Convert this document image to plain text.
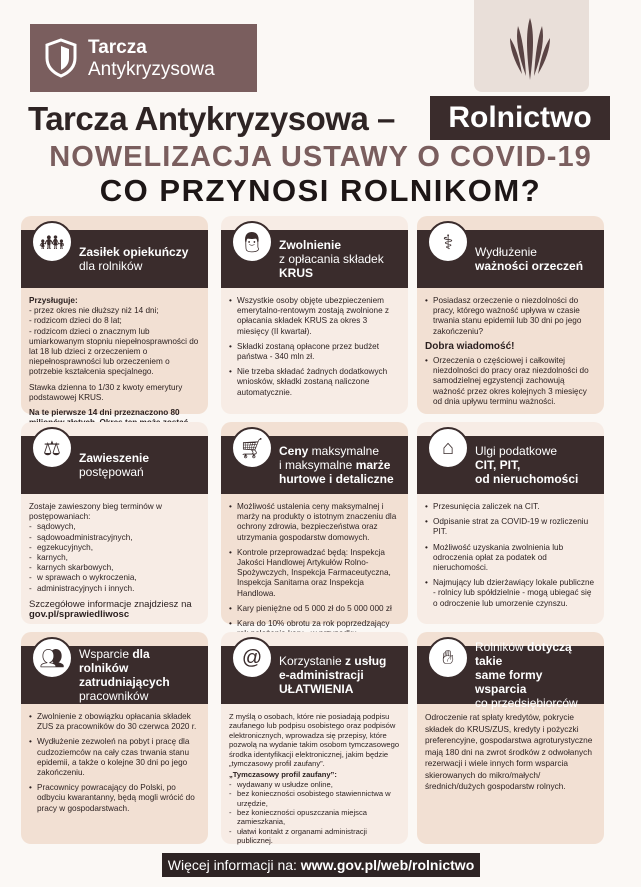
Tarcza
Antykryzysowa
Tarcza Antykryzysowa –	Rolnictwo
NOWELIZACJA USTAWY O COVID-19
CO PRZYNOSI ROLNIKOM?
👪︎	Zasiłek opiekuńczy
dla rolników

Przysługuje:

- przez okres nie dłuższy niż 14 dni;

- rodzicom dzieci do 8 lat;

- rodzicom dzieci o znacznym lub umiarkowanym stopniu niepełnosprawności do lat 18 lub dzieci z orzeczeniem o niepełnosprawności lub orzeczeniem o potrzebie kształcenia specjalnego.

Stawka dzienna to 1/30 z kwoty emerytury podstawowej KRUS.

Na te pierwsze 14 dni przeznaczono 80

👨︎	Zwolnienie
z opłacania składek
KRUS
• Wszystkie osoby objęte ubezpieczeniem emerytalno-rentowym zostają zwolnione z opłacania składek KRUS za okres 3 miesięcy (II kwartał).
• Składki zostaną opłacone przez budżet państwa - 340 mln zł.
• Nie trzeba składać żadnych dodatkowych wniosków, składki zostaną naliczone automatycznie.
⚕	Wydłużenie
ważności orzeczeń
• Posiadasz orzeczenie o niezdolności do pracy, którego ważność upływa w czasie trwania stanu epidemii lub 30 dni po jego zakończeniu?
Dobra wiadomość!
• Orzeczenia o częściowej i całkowitej niezdolności do pracy oraz niezdolności do samodzielnej egzystencji zachowują ważność przez okres kolejnych 3 miesięcy od dnia upływu terminu ważności.
⚖	Zawieszenie
postępowań

Zostaje zawieszony bieg terminów w postępowaniach:

- sądowych,
- sądowoadministracyjnych,
- egzekucyjnych,
- karnych,
- karnych skarbowych,
- w sprawach o wykroczenia,
- administracyjnych i innych.

Szczegółowe informacje znajdziesz na

gov.pl/sprawiedliwosc

🛒︎	Ceny maksymalne
i maksymalne marże
hurtowe i detaliczne
• Możliwość ustalenia ceny maksymalnej i marży na produkty o istotnym znaczeniu dla ochrony zdrowia, bezpieczeństwa oraz utrzymania gospodarstw domowych.
• Kontrole przeprowadzać będą: Inspekcja Jakości Handlowej Artykułów Rolno-Spożywczych, Inspekcja Farmaceutyczna, Inspekcja Sanitarna oraz Inspekcja Handlowa.
• Kary pieniężne od 5 000 zł do 5 000 000 zł
• Kara do 10% obrotu za rok poprzedzający
⌂	Ulgi podatkowe
CIT, PIT,
od nieruchomości
• Przesunięcia zaliczek na CIT.
• Odpisanie strat za COVID-19 w rozliczeniu PIT.
• Możliwość uzyskania zwolnienia lub odroczenia opłat za podatek od nieruchomości.
• Najmujący lub dzierżawiący lokale publiczne - rolnicy lub spółdzielnie - mogą ubiegać się o odroczenie lub umorzenie czynszu.
👥︎	Wsparcie dla rolników
zatrudniających
pracowników
• Zwolnienie z obowiązku opłacania składek ZUS za pracowników do 30 czerwca 2020 r.
• Wydłużenie zezwoleń na pobyt i pracę dla cudzoziemców na cały czas trwania stanu epidemii, a także o kolejne 30 dni po jego zakończeniu.
• Pracownicy powracający do Polski, po odbyciu kwarantanny, będą mogli wrócić do pracy w gospodarstwach.
@	Korzystanie z usług
e-administracji
UŁATWIENIA

Z myślą o osobach, które nie posiadają podpisu zaufanego lub podpisu osobistego oraz podpisów elektronicznych, wprowadza się przepisy, które pozwolą na wydanie takim osobom tymczasowego środka identyfikacji elektronicznej, jakim będzie „tymczasowy profil zaufany”.

„Tymczasowy profil zaufany”:

- wydawany w usłudze online,
- bez konieczności osobistego stawiennictwa w urzędzie,
- bez konieczności opuszczania miejsca zamieszkania,
- ułatwi kontakt z organami administracji publicznej.
✋︎	Rolników dotyczą takie
same formy wsparcia
co przedsiębiorców

Odroczenie rat spłaty kredytów, pokrycie składek do KRUS/ZUS, kredyty i pożyczki preferencyjne, gospodarstwa agroturystyczne mają 180 dni na zwrot środków z odwołanych rezerwacji i wiele innych form wsparcia skierowanych do mikro/małych/średnich/dużych gospodarstw rolnych.

Więcej informacji na: www.gov.pl/web/rolnictwo
